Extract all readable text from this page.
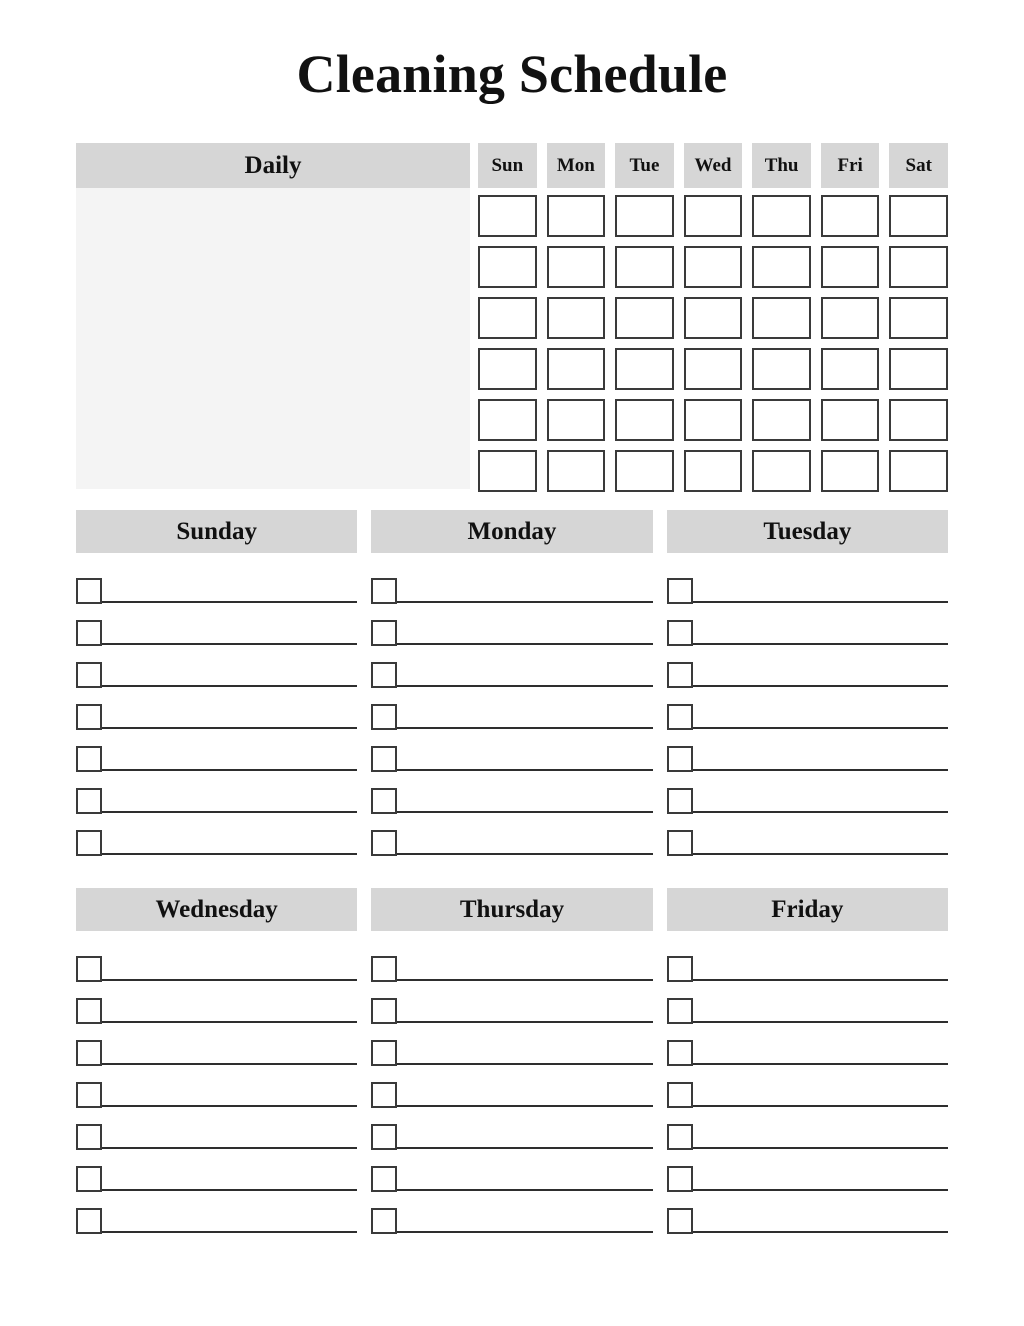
Cleaning Schedule
Daily	Sun	Mon	Tue	Wed	Thu	Fri	Sat
Sunday	Monday	Tuesday
Wednesday	Thursday	Friday
